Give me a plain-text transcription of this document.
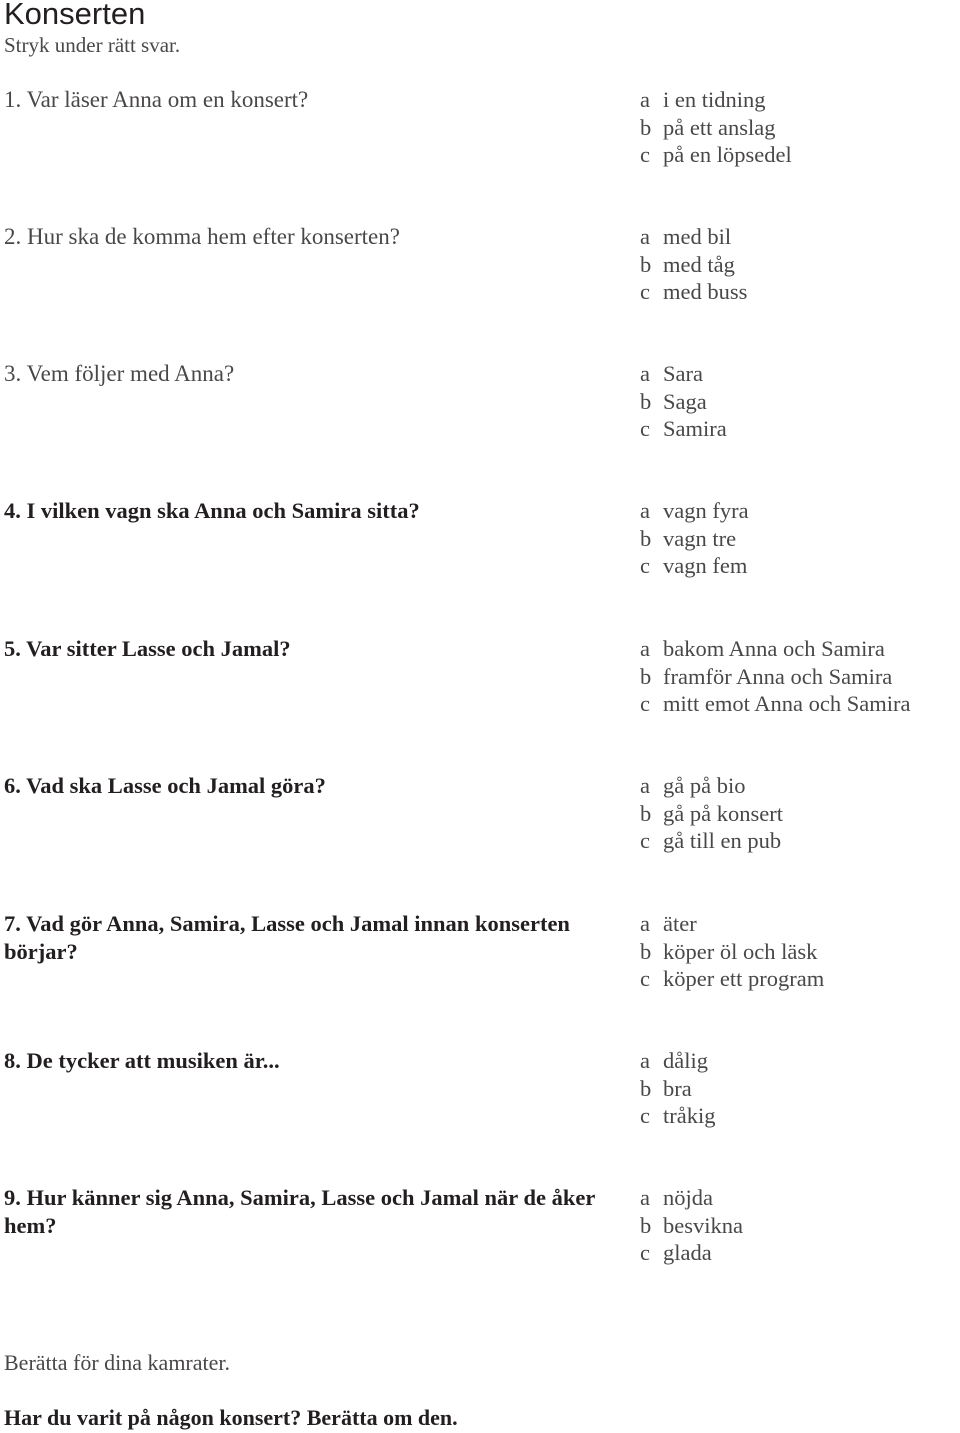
Konserten
Stryk under rätt svar.
1. Var läser Anna om en konsert?	a i en tidning
b på ett anslag
c på en löpsedel
2. Hur ska de komma hem efter konserten?	a med bil
b med tåg
c med buss
3. Vem följer med Anna?	a Sara
b Saga
c Samira
4. I vilken vagn ska Anna och Samira sitta?	a vagn fyra
b vagn tre
c vagn fem
5. Var sitter Lasse och Jamal?	a bakom Anna och Samira
b framför Anna och Samira
c mitt emot Anna och Samira
6. Vad ska Lasse och Jamal göra?	a gå på bio
b gå på konsert
c gå till en pub
7. Vad gör Anna, Samira, Lasse och Jamal innan konserten börjar?
a äter
b köper öl och läsk
c köper ett program
8. De tycker att musiken är...	a dålig
b bra
c tråkig
9. Hur känner sig Anna, Samira, Lasse och Jamal när de åker hem?
a nöjda
b besvikna
c glada
Berätta för dina kamrater.
Har du varit på någon konsert? Berätta om den.
